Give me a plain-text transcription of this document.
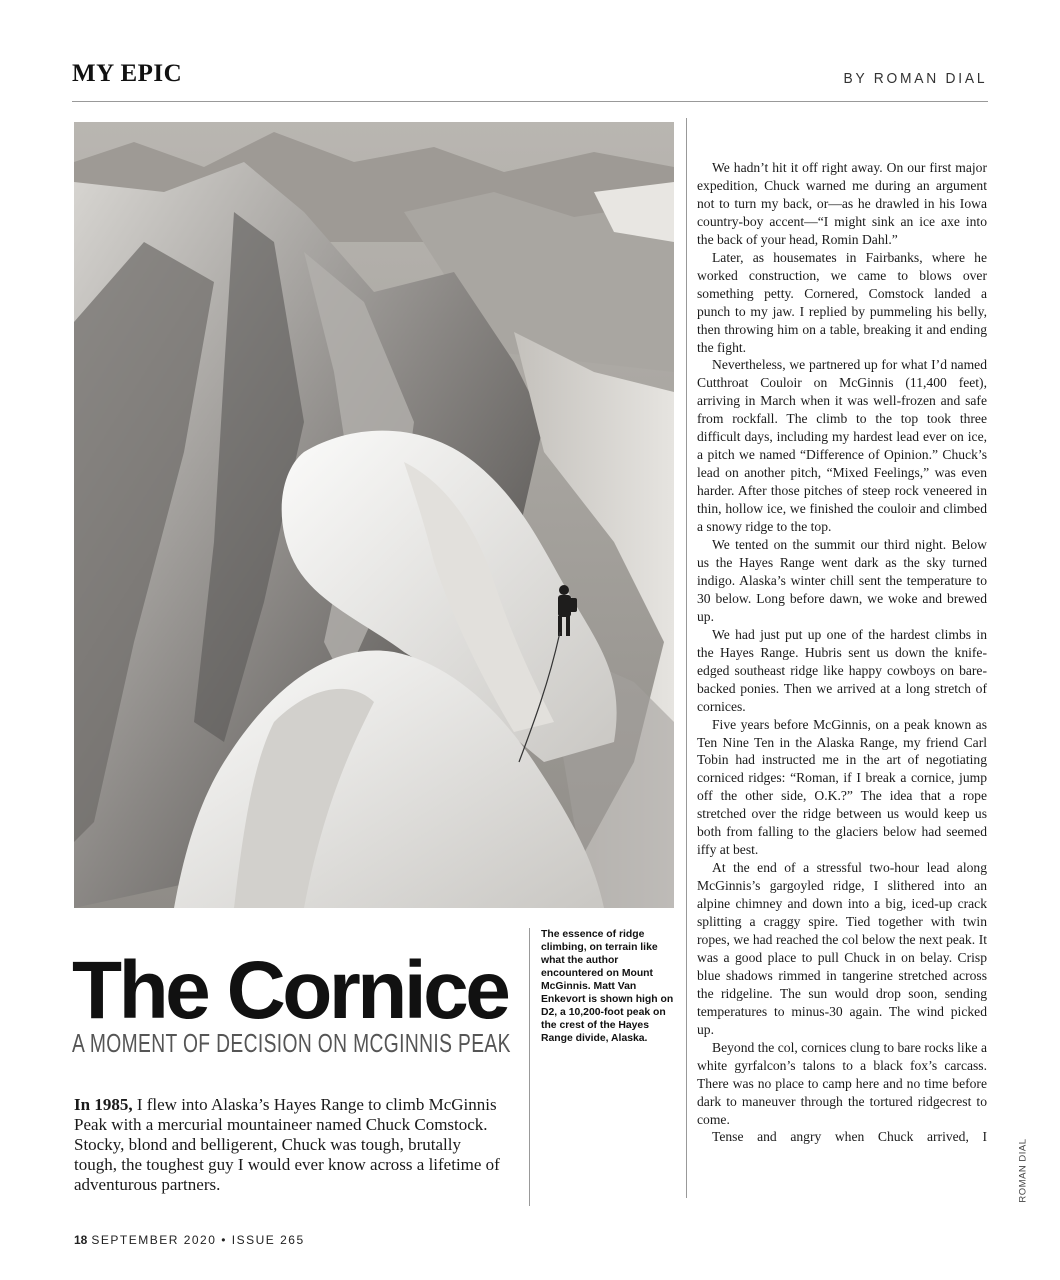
MY EPIC	BY ROMAN DIAL
The essence of ridge climbing, on terrain like what the author encountered on Mount McGinnis. Matt Van Enkevort is shown high on D2, a 10,200-foot peak on the crest of the Hayes Range divide, Alaska.
The Cornice
A MOMENT OF DECISION ON MCGINNIS PEAK
In 1985, I flew into Alaska’s Hayes Range to climb McGinnis Peak with a mercurial mountaineer named Chuck Comstock. Stocky, blond and belligerent, Chuck was tough, brutally tough, the toughest guy I would ever know across a lifetime of adventurous partners.

We hadn’t hit it off right away. On our first major expedition, Chuck warned me during an argument not to turn my back, or—as he drawled in his Iowa country-boy accent—“I might sink an ice axe into the back of your head, Romin Dahl.”

Later, as housemates in Fairbanks, where he worked construction, we came to blows over something petty. Cornered, Comstock landed a punch to my jaw. I replied by pummeling his belly, then throwing him on a table, breaking it and ending the fight.

Nevertheless, we partnered up for what I’d named Cutthroat Couloir on McGinnis (11,400 feet), arriving in March when it was well-frozen and safe from rockfall. The climb to the top took three difficult days, including my hardest lead ever on ice, a pitch we named “Difference of Opinion.” Chuck’s lead on another pitch, “Mixed Feelings,” was even harder. After those pitches of steep rock veneered in thin, hollow ice, we finished the couloir and climbed a snowy ridge to the top.

We tented on the summit our third night. Below us the Hayes Range went dark as the sky turned indigo. Alaska’s winter chill sent the temperature to 30 below. Long before dawn, we woke and brewed up.

We had just put up one of the hardest climbs in the Hayes Range. Hubris sent us down the knife-edged southeast ridge like happy cowboys on bare-backed ponies. Then we arrived at a long stretch of cornices.

Five years before McGinnis, on a peak known as Ten Nine Ten in the Alaska Range, my friend Carl Tobin had instructed me in the art of negotiating corniced ridges: “Roman, if I break a cornice, jump off the other side, O.K.?” The idea that a rope stretched over the ridge between us would keep us both from falling to the glaciers below had seemed iffy at best.

At the end of a stressful two-hour lead along McGinnis’s gargoyled ridge, I slithered into an alpine chimney and down into a big, iced-up crack splitting a craggy spire. Tied together with twin ropes, we had reached the col below the next peak. It was a good place to pull Chuck in on belay. Crisp blue shadows rimmed in tangerine stretched across the ridgeline. The sun would drop soon, sending temperatures to minus-30 again. The wind picked up.

Beyond the col, cornices clung to bare rocks like a white gyrfalcon’s talons to a black fox’s carcass. There was no place to camp here and no time before dark to maneuver through the tortured ridgecrest to come.

Tense and angry when Chuck arrived, I

18 SEPTEMBER 2020 • ISSUE 265
ROMAN DIAL
